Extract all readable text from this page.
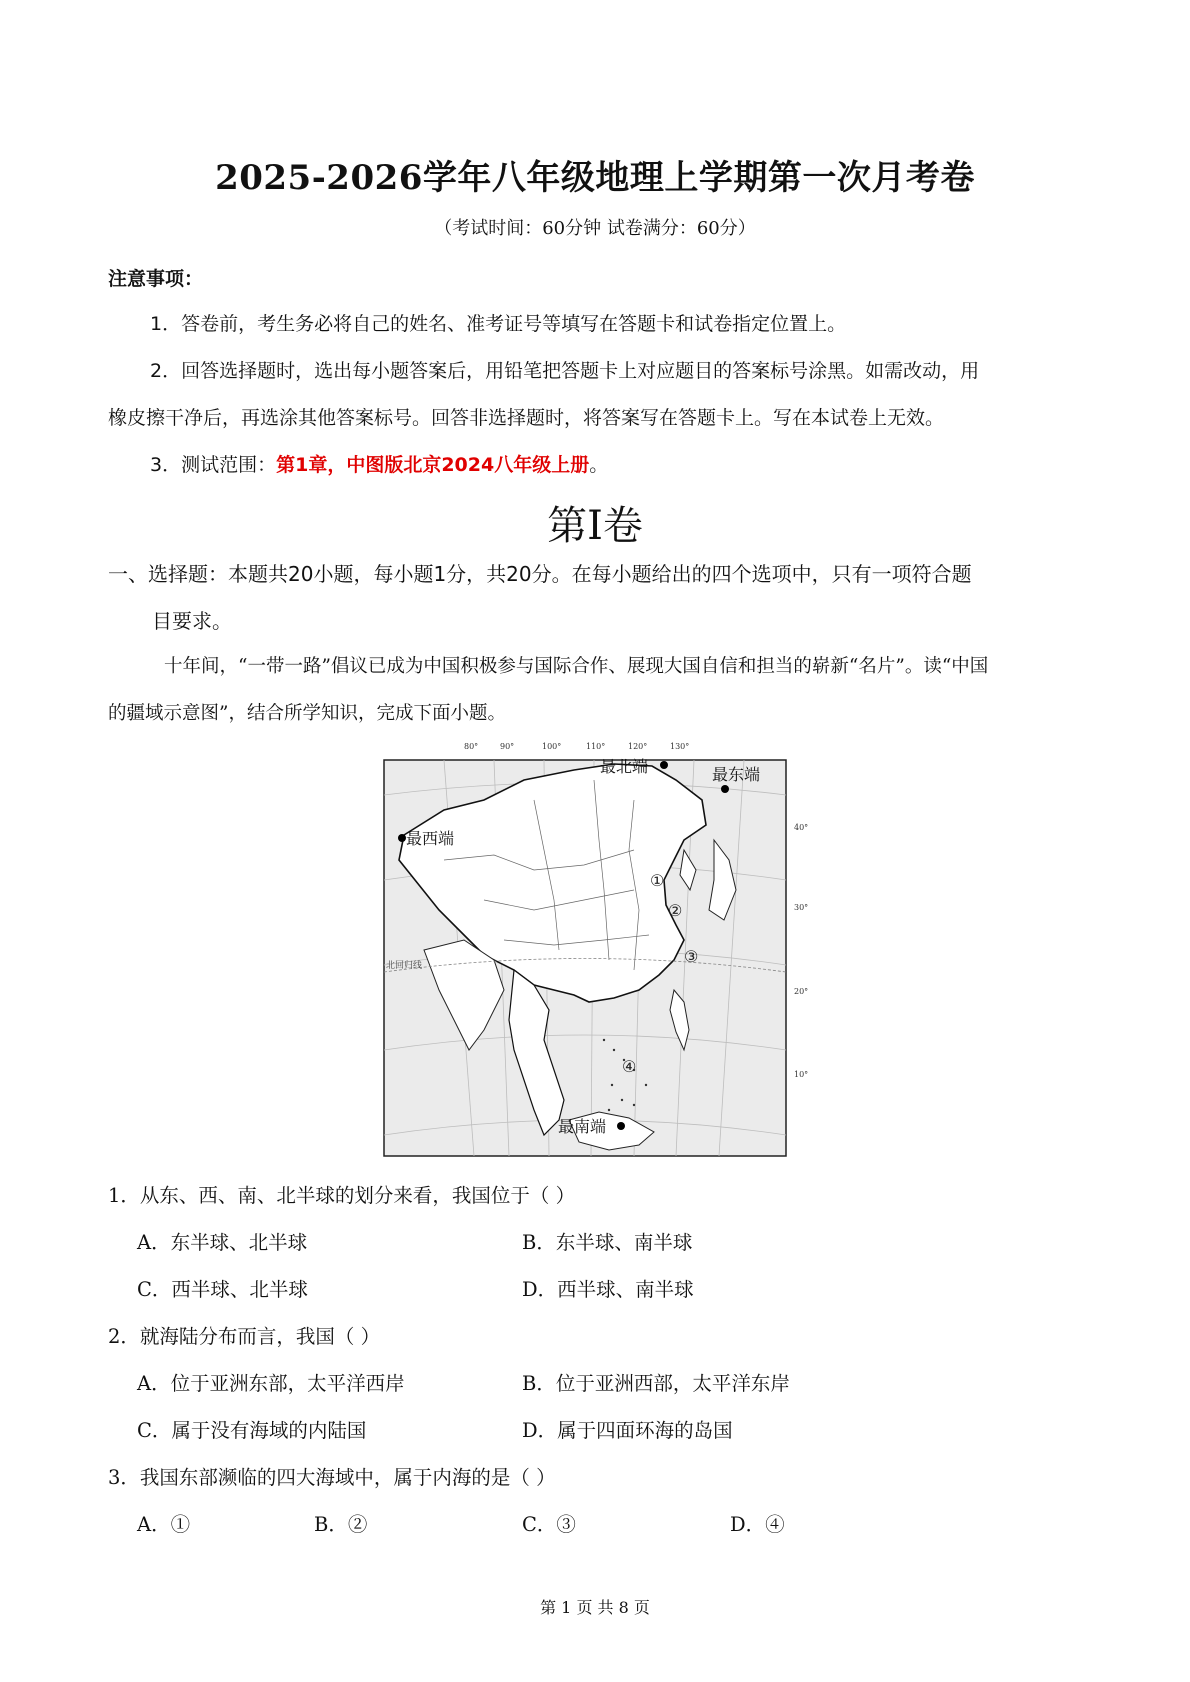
2025-2026学年八年级地理上学期第一次月考卷
（考试时间：60分钟 试卷满分：60分）
注意事项：
1．答卷前，考生务必将自己的姓名、准考证号等填写在答题卡和试卷指定位置上。
2．回答选择题时，选出每小题答案后，用铅笔把答题卡上对应题目的答案标号涂黑。如需改动，用
橡皮擦干净后，再选涂其他答案标号。回答非选择题时，将答案写在答题卡上。写在本试卷上无效。
3．测试范围：第1章，中图版北京2024八年级上册。
第I卷
一、选择题：本题共20小题，每小题1分，共20分。在每小题给出的四个选项中，只有一项符合题
目要求。
十年间，“一带一路”倡议已成为中国积极参与国际合作、展现大国自信和担当的崭新“名片”。读“中国
的疆域示意图”，结合所学知识，完成下面小题。
80°	90°	100°	110°	120°	130°
40°
30°
20°
10°
北回归线
最北端	最东端
最西端
最南端
①
②
③
④
1．从东、西、南、北半球的划分来看，我国位于（ ）
A．东半球、北半球	B．东半球、南半球
C．西半球、北半球	D．西半球、南半球
2．就海陆分布而言，我国（ ）
A．位于亚洲东部，太平洋西岸	B．位于亚洲西部，太平洋东岸
C．属于没有海域的内陆国	D．属于四面环海的岛国
3．我国东部濒临的四大海域中，属于内海的是（ ）
A．①	B．②	C．③	D．④
第 1 页 共 8 页
